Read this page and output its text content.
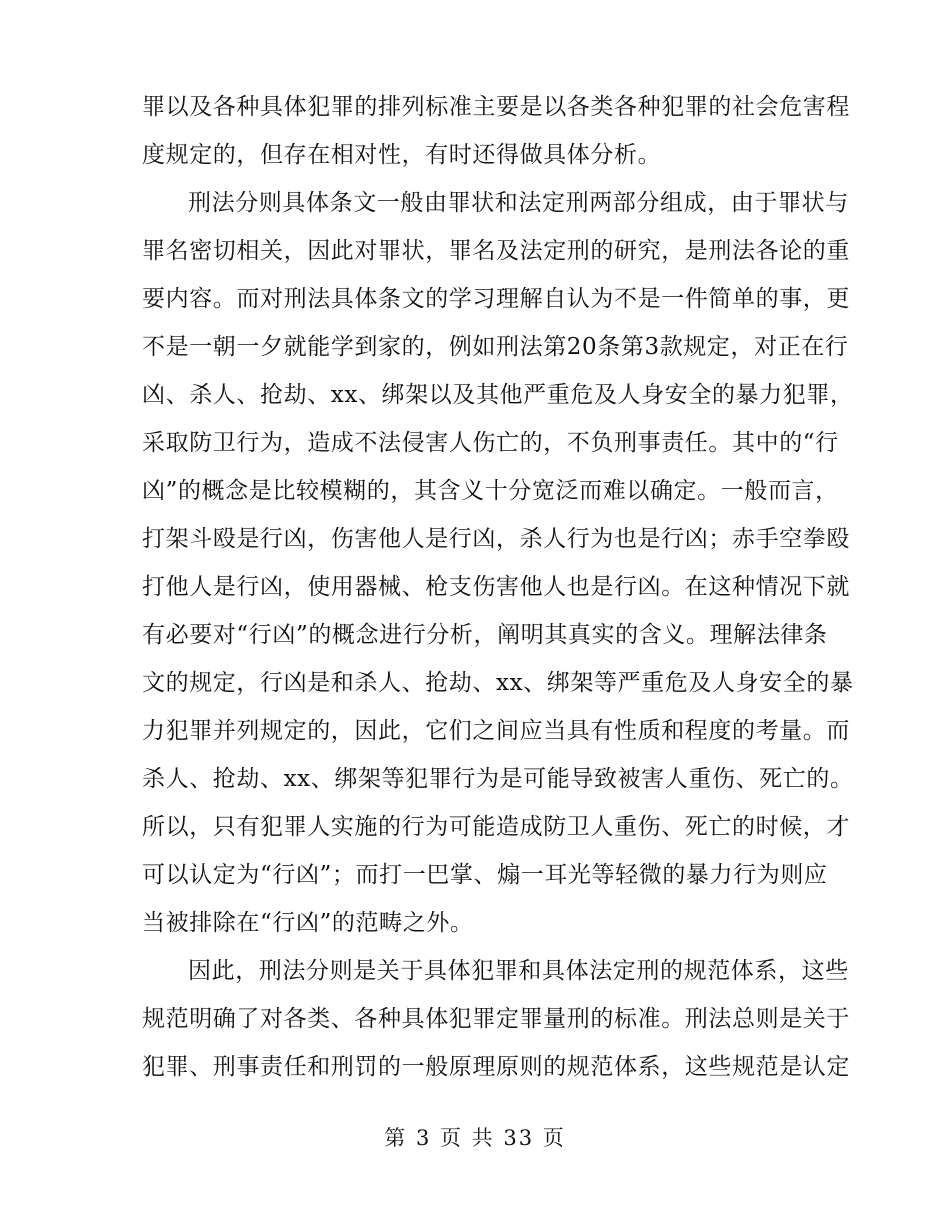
罪以及各种具体犯罪的排列标准主要是以各类各种犯罪的社会危害程
度规定的，但存在相对性，有时还得做具体分析。
刑法分则具体条文一般由罪状和法定刑两部分组成，由于罪状与
罪名密切相关，因此对罪状，罪名及法定刑的研究，是刑法各论的重
要内容。而对刑法具体条文的学习理解自认为不是一件简单的事，更
不是一朝一夕就能学到家的，例如刑法第20条第3款规定，对正在行
凶、杀人、抢劫、xx、绑架以及其他严重危及人身安全的暴力犯罪，
采取防卫行为，造成不法侵害人伤亡的，不负刑事责任。其中的“行
凶”的概念是比较模糊的，其含义十分宽泛而难以确定。一般而言，
打架斗殴是行凶，伤害他人是行凶，杀人行为也是行凶；赤手空拳殴
打他人是行凶，使用器械、枪支伤害他人也是行凶。在这种情况下就
有必要对“行凶”的概念进行分析，阐明其真实的含义。理解法律条
文的规定，行凶是和杀人、抢劫、xx、绑架等严重危及人身安全的暴
力犯罪并列规定的，因此，它们之间应当具有性质和程度的考量。而
杀人、抢劫、xx、绑架等犯罪行为是可能导致被害人重伤、死亡的。
所以，只有犯罪人实施的行为可能造成防卫人重伤、死亡的时候，才
可以认定为“行凶”；而打一巴掌、煽一耳光等轻微的暴力行为则应
当被排除在“行凶”的范畴之外。
因此，刑法分则是关于具体犯罪和具体法定刑的规范体系，这些
规范明确了对各类、各种具体犯罪定罪量刑的标准。刑法总则是关于
犯罪、刑事责任和刑罚的一般原理原则的规范体系，这些规范是认定
第 3 页 共 33 页
